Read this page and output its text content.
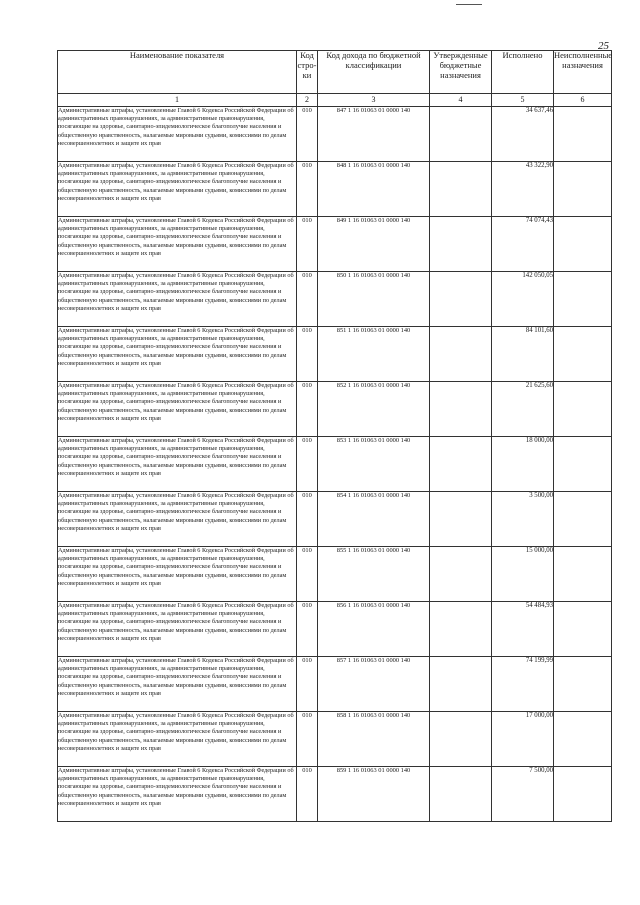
25
Наименование показателя	Код стро- ки	Код дохода по бюджетной классификации	Утвержденные бюджетные назначения	Исполнено	Неисполненные назначения
1	2	3	4	5	6
Административные штрафы, установленные Главой 6 Кодекса Российской Федерации об административных правонарушениях, за административные правонарушения, посягающие на здоровье, санитарно-эпидемиологическое благополучие населения и общественную нравственность, налагаемые мировыми судьями, комиссиями по делам несовершеннолетних и защите их прав	010	847 1 16 01063 01 0000 140		34 637,46	
Административные штрафы, установленные Главой 6 Кодекса Российской Федерации об административных правонарушениях, за административные правонарушения, посягающие на здоровье, санитарно-эпидемиологическое благополучие населения и общественную нравственность, налагаемые мировыми судьями, комиссиями по делам несовершеннолетних и защите их прав	010	848 1 16 01063 01 0000 140		43 322,90	
Административные штрафы, установленные Главой 6 Кодекса Российской Федерации об административных правонарушениях, за административные правонарушения, посягающие на здоровье, санитарно-эпидемиологическое благополучие населения и общественную нравственность, налагаемые мировыми судьями, комиссиями по делам несовершеннолетних и защите их прав	010	849 1 16 01063 01 0000 140		74 074,43	
Административные штрафы, установленные Главой 6 Кодекса Российской Федерации об административных правонарушениях, за административные правонарушения, посягающие на здоровье, санитарно-эпидемиологическое благополучие населения и общественную нравственность, налагаемые мировыми судьями, комиссиями по делам несовершеннолетних и защите их прав	010	850 1 16 01063 01 0000 140		142 050,05	
Административные штрафы, установленные Главой 6 Кодекса Российской Федерации об административных правонарушениях, за административные правонарушения, посягающие на здоровье, санитарно-эпидемиологическое благополучие населения и общественную нравственность, налагаемые мировыми судьями, комиссиями по делам несовершеннолетних и защите их прав	010	851 1 16 01063 01 0000 140		84 101,60	
Административные штрафы, установленные Главой 6 Кодекса Российской Федерации об административных правонарушениях, за административные правонарушения, посягающие на здоровье, санитарно-эпидемиологическое благополучие населения и общественную нравственность, налагаемые мировыми судьями, комиссиями по делам несовершеннолетних и защите их прав	010	852 1 16 01063 01 0000 140		21 625,60	
Административные штрафы, установленные Главой 6 Кодекса Российской Федерации об административных правонарушениях, за административные правонарушения, посягающие на здоровье, санитарно-эпидемиологическое благополучие населения и общественную нравственность, налагаемые мировыми судьями, комиссиями по делам несовершеннолетних и защите их прав	010	853 1 16 01063 01 0000 140		18 000,00	
Административные штрафы, установленные Главой 6 Кодекса Российской Федерации об административных правонарушениях, за административные правонарушения, посягающие на здоровье, санитарно-эпидемиологическое благополучие населения и общественную нравственность, налагаемые мировыми судьями, комиссиями по делам несовершеннолетних и защите их прав	010	854 1 16 01063 01 0000 140		3 500,00	
Административные штрафы, установленные Главой 6 Кодекса Российской Федерации об административных правонарушениях, за административные правонарушения, посягающие на здоровье, санитарно-эпидемиологическое благополучие населения и общественную нравственность, налагаемые мировыми судьями, комиссиями по делам несовершеннолетних и защите их прав	010	855 1 16 01063 01 0000 140		15 000,00	
Административные штрафы, установленные Главой 6 Кодекса Российской Федерации об административных правонарушениях, за административные правонарушения, посягающие на здоровье, санитарно-эпидемиологическое благополучие населения и общественную нравственность, налагаемые мировыми судьями, комиссиями по делам несовершеннолетних и защите их прав	010	856 1 16 01063 01 0000 140		54 484,93	
Административные штрафы, установленные Главой 6 Кодекса Российской Федерации об административных правонарушениях, за административные правонарушения, посягающие на здоровье, санитарно-эпидемиологическое благополучие населения и общественную нравственность, налагаемые мировыми судьями, комиссиями по делам несовершеннолетних и защите их прав	010	857 1 16 01063 01 0000 140		74 199,99	
Административные штрафы, установленные Главой 6 Кодекса Российской Федерации об административных правонарушениях, за административные правонарушения, посягающие на здоровье, санитарно-эпидемиологическое благополучие населения и общественную нравственность, налагаемые мировыми судьями, комиссиями по делам несовершеннолетних и защите их прав	010	858 1 16 01063 01 0000 140		17 000,00	
Административные штрафы, установленные Главой 6 Кодекса Российской Федерации об административных правонарушениях, за административные правонарушения, посягающие на здоровье, санитарно-эпидемиологическое благополучие населения и общественную нравственность, налагаемые мировыми судьями, комиссиями по делам несовершеннолетних и защите их прав	010	859 1 16 01063 01 0000 140		7 500,00	
